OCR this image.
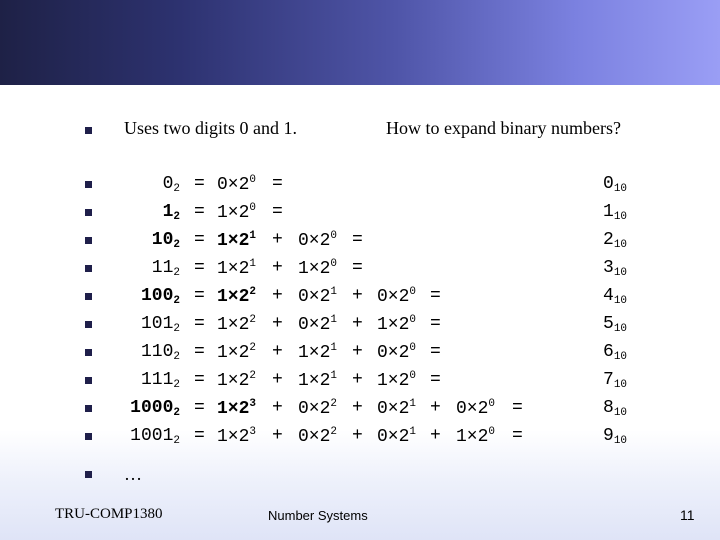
Uses two digits 0 and 1.	How to expand binary numbers?
$0_2 = 0\times 2^0$ =	$0_{10}$
$1_2 = 1\times 2^0$ =	$1_{10}$
$10_2 = 1\times 2^1 + 0\times 2^0$ =	$2_{10}$
$11_2 = 1\times 2^1 + 1\times 2^0$ =	$3_{10}$
$100_2 = 1\times 2^2 + 0\times 2^1 + 0\times 2^0$ =	$4_{10}$
$101_2 = 1\times 2^2 + 0\times 2^1 + 1\times 2^0$ =	$5_{10}$
$110_2 = 1\times 2^2 + 1\times 2^1 + 0\times 2^0$ =	$6_{10}$
$111_2 = 1\times 2^2 + 1\times 2^1 + 1\times 2^0$ =	$7_{10}$
$1000_2 = 1\times 2^3 + 0\times 2^2 + 0\times 2^1 + 0\times 2^0$ =	$8_{10}$
$1001_2 = 1\times 2^3 + 0\times 2^2 + 0\times 2^1 + 1\times 2^0$ =	$9_{10}$
…
TRU-COMP1380	Number Systems	11
